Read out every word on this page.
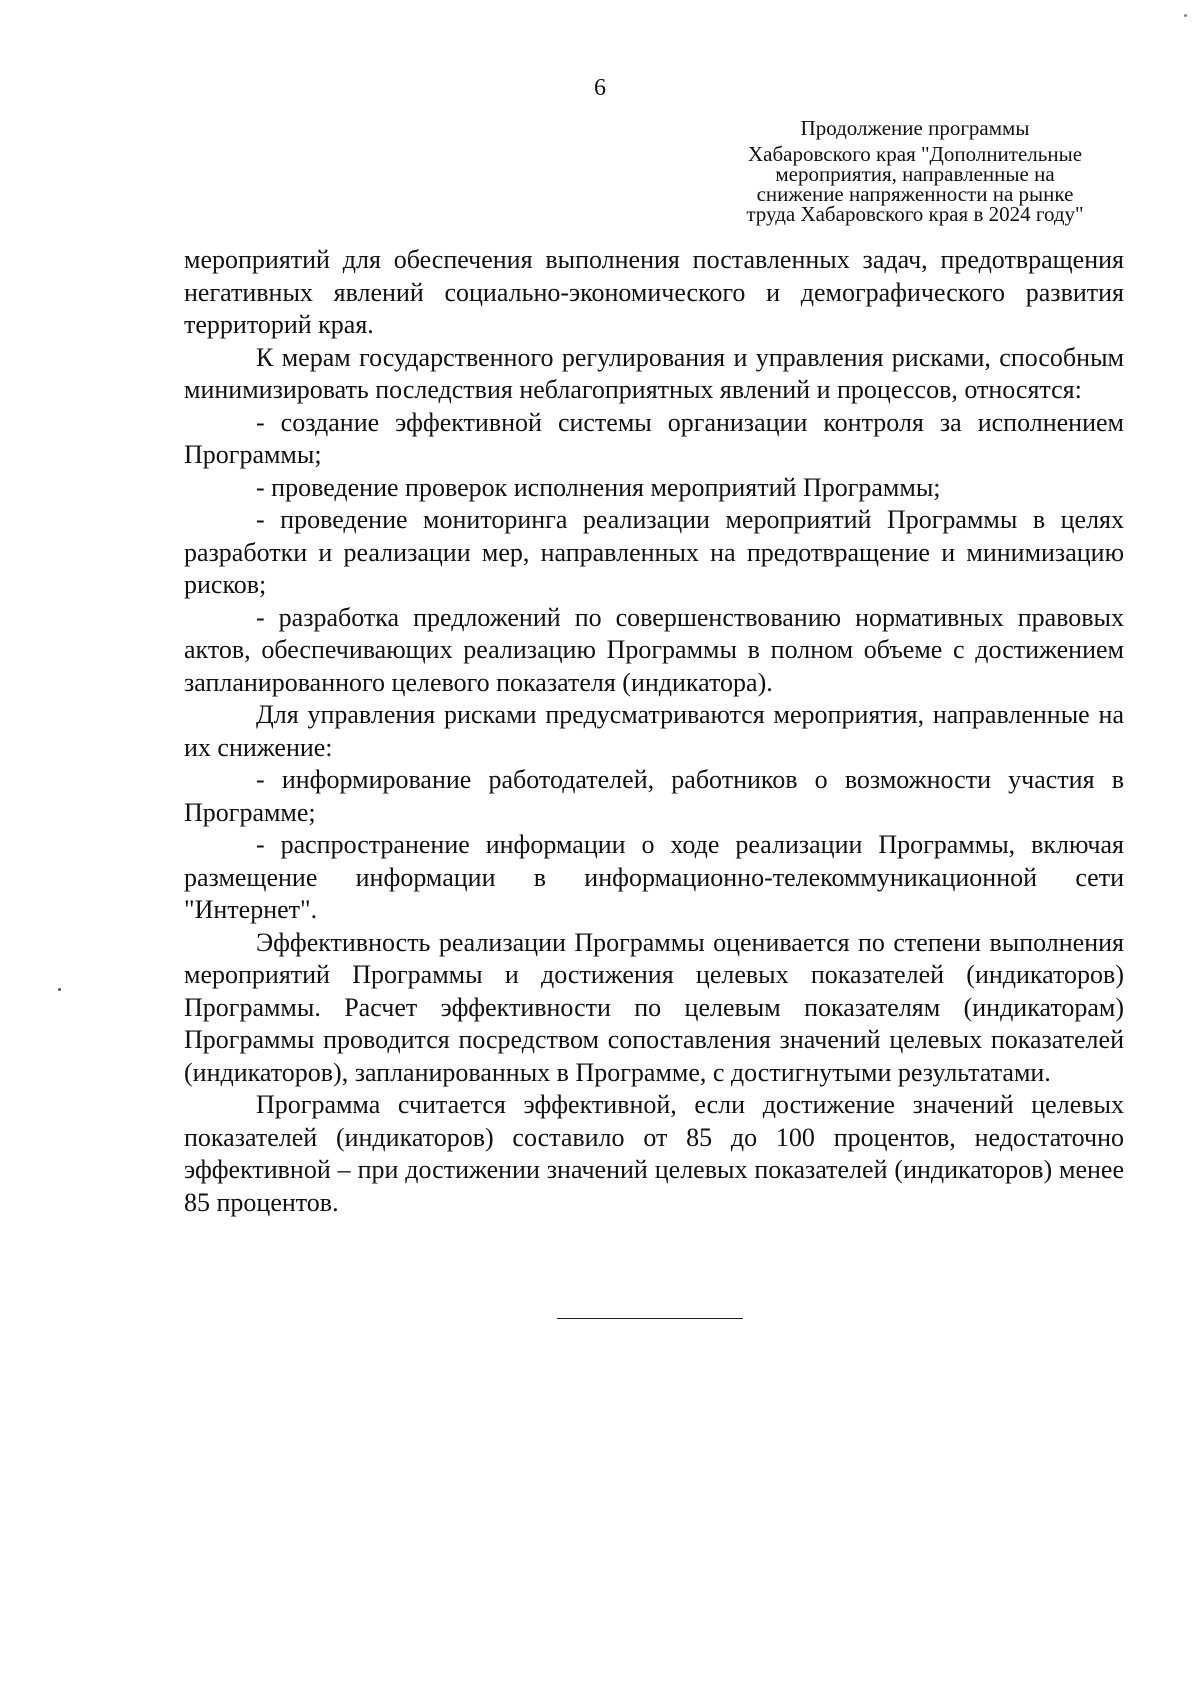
6
Продолжение программы
Хабаровского края "Дополнительные
мероприятия, направленные на
снижение напряженности на рынке
труда Хабаровского края в 2024 году"

мероприятий для обеспечения выполнения поставленных задач, предотвращения негативных явлений социально-экономического и демографического развития территорий края.

К мерам государственного регулирования и управления рисками, способным минимизировать последствия неблагоприятных явлений и процессов, относятся:

- создание эффективной системы организации контроля за исполнением Программы;

- проведение проверок исполнения мероприятий Программы;

- проведение мониторинга реализации мероприятий Программы в целях разработки и реализации мер, направленных на предотвращение и минимизацию рисков;

- разработка предложений по совершенствованию нормативных правовых актов, обеспечивающих реализацию Программы в полном объеме с достижением запланированного целевого показателя (индикатора).

Для управления рисками предусматриваются мероприятия, направленные на их снижение:

- информирование работодателей, работников о возможности участия в Программе;

- распространение информации о ходе реализации Программы, включая размещение информации в информационно-телекоммуникационной сети "Интернет".

Эффективность реализации Программы оценивается по степени выполнения мероприятий Программы и достижения целевых показателей (индикаторов) Программы. Расчет эффективности по целевым показателям (индикаторам) Программы проводится посредством сопоставления значений целевых показателей (индикаторов), запланированных в Программе, с достигнутыми результатами.

Программа считается эффективной, если достижение значений целевых показателей (индикаторов) составило от 85 до 100 процентов, недостаточно эффективной – при достижении значений целевых показателей (индикаторов) менее 85 процентов.
